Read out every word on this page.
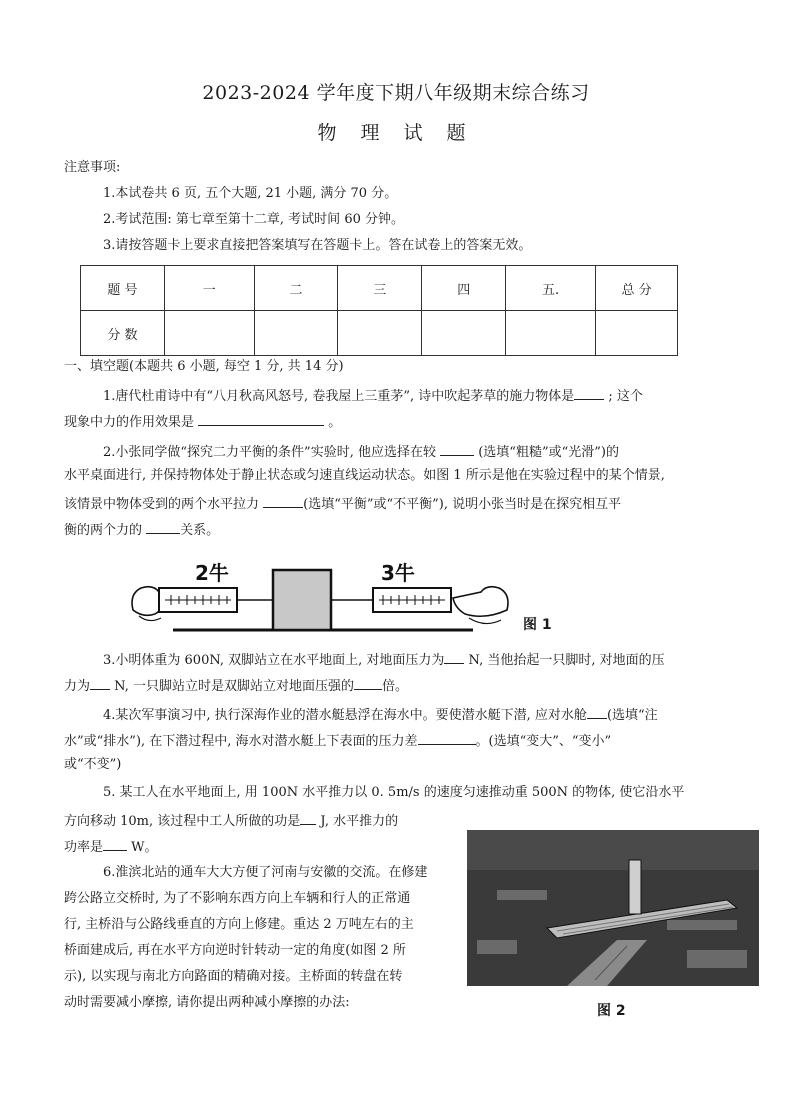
2023-2024 学年度下期八年级期末综合练习
物 理 试 题
注意事项:
1.本试卷共 6 页, 五个大题, 21 小题, 满分 70 分。
2.考试范围: 第七章至第十二章, 考试时间 60 分钟。
3.请按答题卡上要求直接把答案填写在答题卡上。答在试卷上的答案无效。
题 号	一	二	三	四	五.	总 分
分 数						
一、填空题(本题共 6 小题, 每空 1 分, 共 14 分)
1.唐代杜甫诗中有“八月秋高风怒号, 卷我屋上三重茅”, 诗中吹起茅草的施力物体是 ; 这个
现象中力的作用效果是	。
2.小张同学做“探究二力平衡的条件”实验时, 他应选择在较	(选填“粗糙”或“光滑”)的
水平桌面进行, 并保持物体处于静止状态或匀速直线运动状态。如图 1 所示是他在实验过程中的某个情景,
该情景中物体受到的两个水平拉力	(选填“平衡”或“不平衡”), 说明小张当时是在探究相互平
衡的两个力的	关系。
2牛	3牛
图 1
3.小明体重为 600N, 双脚站立在水平地面上, 对地面压力为 N, 当他抬起一只脚时, 对地面的压
力为 N, 一只脚站立时是双脚站立对地面压强的 倍。
4.某次军事演习中, 执行深海作业的潜水艇悬浮在海水中。要使潜水艇下潜, 应对水舱 (选填“注
水”或“排水”), 在下潜过程中, 海水对潜水艇上下表面的压力差	。(选填“变大”、“变小”
或“不变”)
5. 某工人在水平地面上, 用 100N 水平推力以 0. 5m/s 的速度匀速推动重 500N 的物体, 使它沿水平
方向移动 10m, 该过程中工人所做的功是 J, 水平推力的
功率是 W。
6.淮滨北站的通车大大方便了河南与安徽的交流。在修建
跨公路立交桥时, 为了不影响东西方向上车辆和行人的正常通
行, 主桥沿与公路线垂直的方向上修建。重达 2 万吨左右的主
桥面建成后, 再在水平方向逆时针转动一定的角度(如图 2 所
示), 以实现与南北方向路面的精确对接。主桥面的转盘在转
动时需要减小摩擦, 请你提出两种减小摩擦的办法:
图 2
